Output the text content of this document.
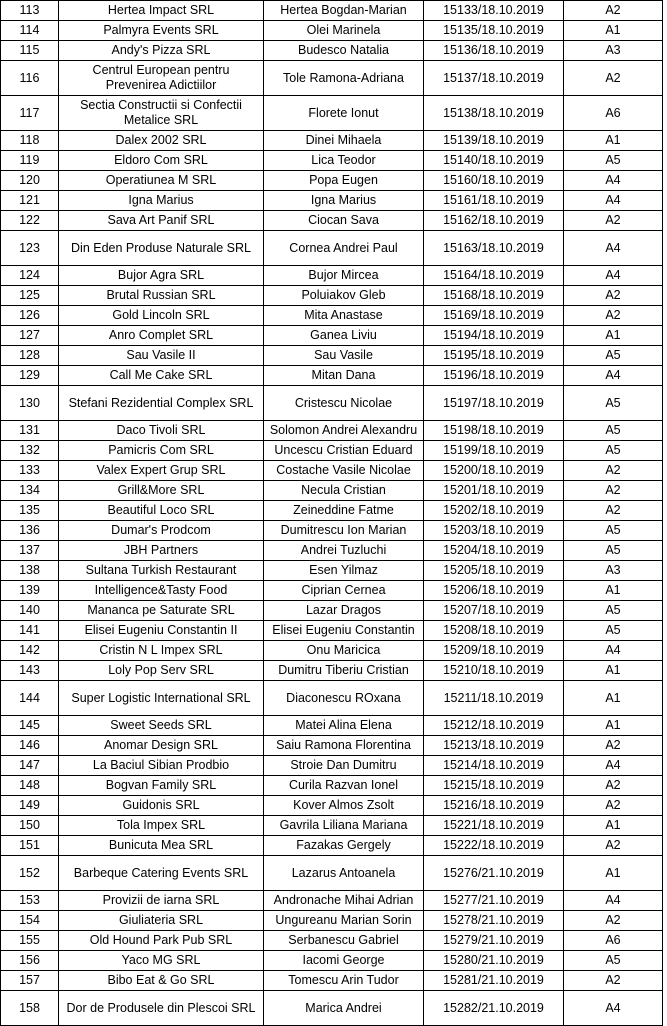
113	Hertea Impact SRL	Hertea Bogdan-Marian	15133/18.10.2019	A2
114	Palmyra Events SRL	Olei Marinela	15135/18.10.2019	A1
115	Andy's Pizza SRL	Budesco Natalia	15136/18.10.2019	A3
116	Centrul European pentru Prevenirea Adictiilor	Tole Ramona-Adriana	15137/18.10.2019	A2
117	Sectia Constructii si Confectii Metalice SRL	Florete Ionut	15138/18.10.2019	A6
118	Dalex 2002 SRL	Dinei Mihaela	15139/18.10.2019	A1
119	Eldoro Com SRL	Lica Teodor	15140/18.10.2019	A5
120	Operatiunea M SRL	Popa Eugen	15160/18.10.2019	A4
121	Igna Marius	Igna Marius	15161/18.10.2019	A4
122	Sava Art Panif SRL	Ciocan Sava	15162/18.10.2019	A2
123	Din Eden Produse Naturale SRL	Cornea Andrei Paul	15163/18.10.2019	A4
124	Bujor Agra SRL	Bujor Mircea	15164/18.10.2019	A4
125	Brutal Russian SRL	Poluiakov Gleb	15168/18.10.2019	A2
126	Gold Lincoln SRL	Mita Anastase	15169/18.10.2019	A2
127	Anro Complet SRL	Ganea Liviu	15194/18.10.2019	A1
128	Sau Vasile II	Sau Vasile	15195/18.10.2019	A5
129	Call Me Cake SRL	Mitan Dana	15196/18.10.2019	A4
130	Stefani Rezidential Complex SRL	Cristescu Nicolae	15197/18.10.2019	A5
131	Daco Tivoli SRL	Solomon Andrei Alexandru	15198/18.10.2019	A5
132	Pamicris Com SRL	Uncescu Cristian Eduard	15199/18.10.2019	A5
133	Valex Expert Grup SRL	Costache Vasile Nicolae	15200/18.10.2019	A2
134	Grill&More SRL	Necula Cristian	15201/18.10.2019	A2
135	Beautiful Loco SRL	Zeineddine Fatme	15202/18.10.2019	A2
136	Dumar's Prodcom	Dumitrescu Ion Marian	15203/18.10.2019	A5
137	JBH Partners	Andrei Tuzluchi	15204/18.10.2019	A5
138	Sultana Turkish Restaurant	Esen Yilmaz	15205/18.10.2019	A3
139	Intelligence&Tasty Food	Ciprian Cernea	15206/18.10.2019	A1
140	Mananca pe Saturate SRL	Lazar Dragos	15207/18.10.2019	A5
141	Elisei Eugeniu Constantin II	Elisei Eugeniu Constantin	15208/18.10.2019	A5
142	Cristin N L Impex SRL	Onu Maricica	15209/18.10.2019	A4
143	Loly Pop Serv SRL	Dumitru Tiberiu Cristian	15210/18.10.2019	A1
144	Super Logistic International SRL	Diaconescu ROxana	15211/18.10.2019	A1
145	Sweet Seeds SRL	Matei Alina Elena	15212/18.10.2019	A1
146	Anomar Design SRL	Saiu Ramona Florentina	15213/18.10.2019	A2
147	La Baciul Sibian Prodbio	Stroie Dan Dumitru	15214/18.10.2019	A4
148	Bogvan Family SRL	Curila Razvan Ionel	15215/18.10.2019	A2
149	Guidonis SRL	Kover Almos Zsolt	15216/18.10.2019	A2
150	Tola Impex SRL	Gavrila Liliana Mariana	15221/18.10.2019	A1
151	Bunicuta Mea SRL	Fazakas Gergely	15222/18.10.2019	A2
152	Barbeque Catering Events SRL	Lazarus Antoanela	15276/21.10.2019	A1
153	Provizii de iarna SRL	Andronache Mihai Adrian	15277/21.10.2019	A4
154	Giuliateria SRL	Ungureanu Marian Sorin	15278/21.10.2019	A2
155	Old Hound Park Pub SRL	Serbanescu Gabriel	15279/21.10.2019	A6
156	Yaco MG SRL	Iacomi George	15280/21.10.2019	A5
157	Bibo Eat & Go SRL	Tomescu Arin Tudor	15281/21.10.2019	A2
158	Dor de Produsele din Plescoi SRL	Marica Andrei	15282/21.10.2019	A4
